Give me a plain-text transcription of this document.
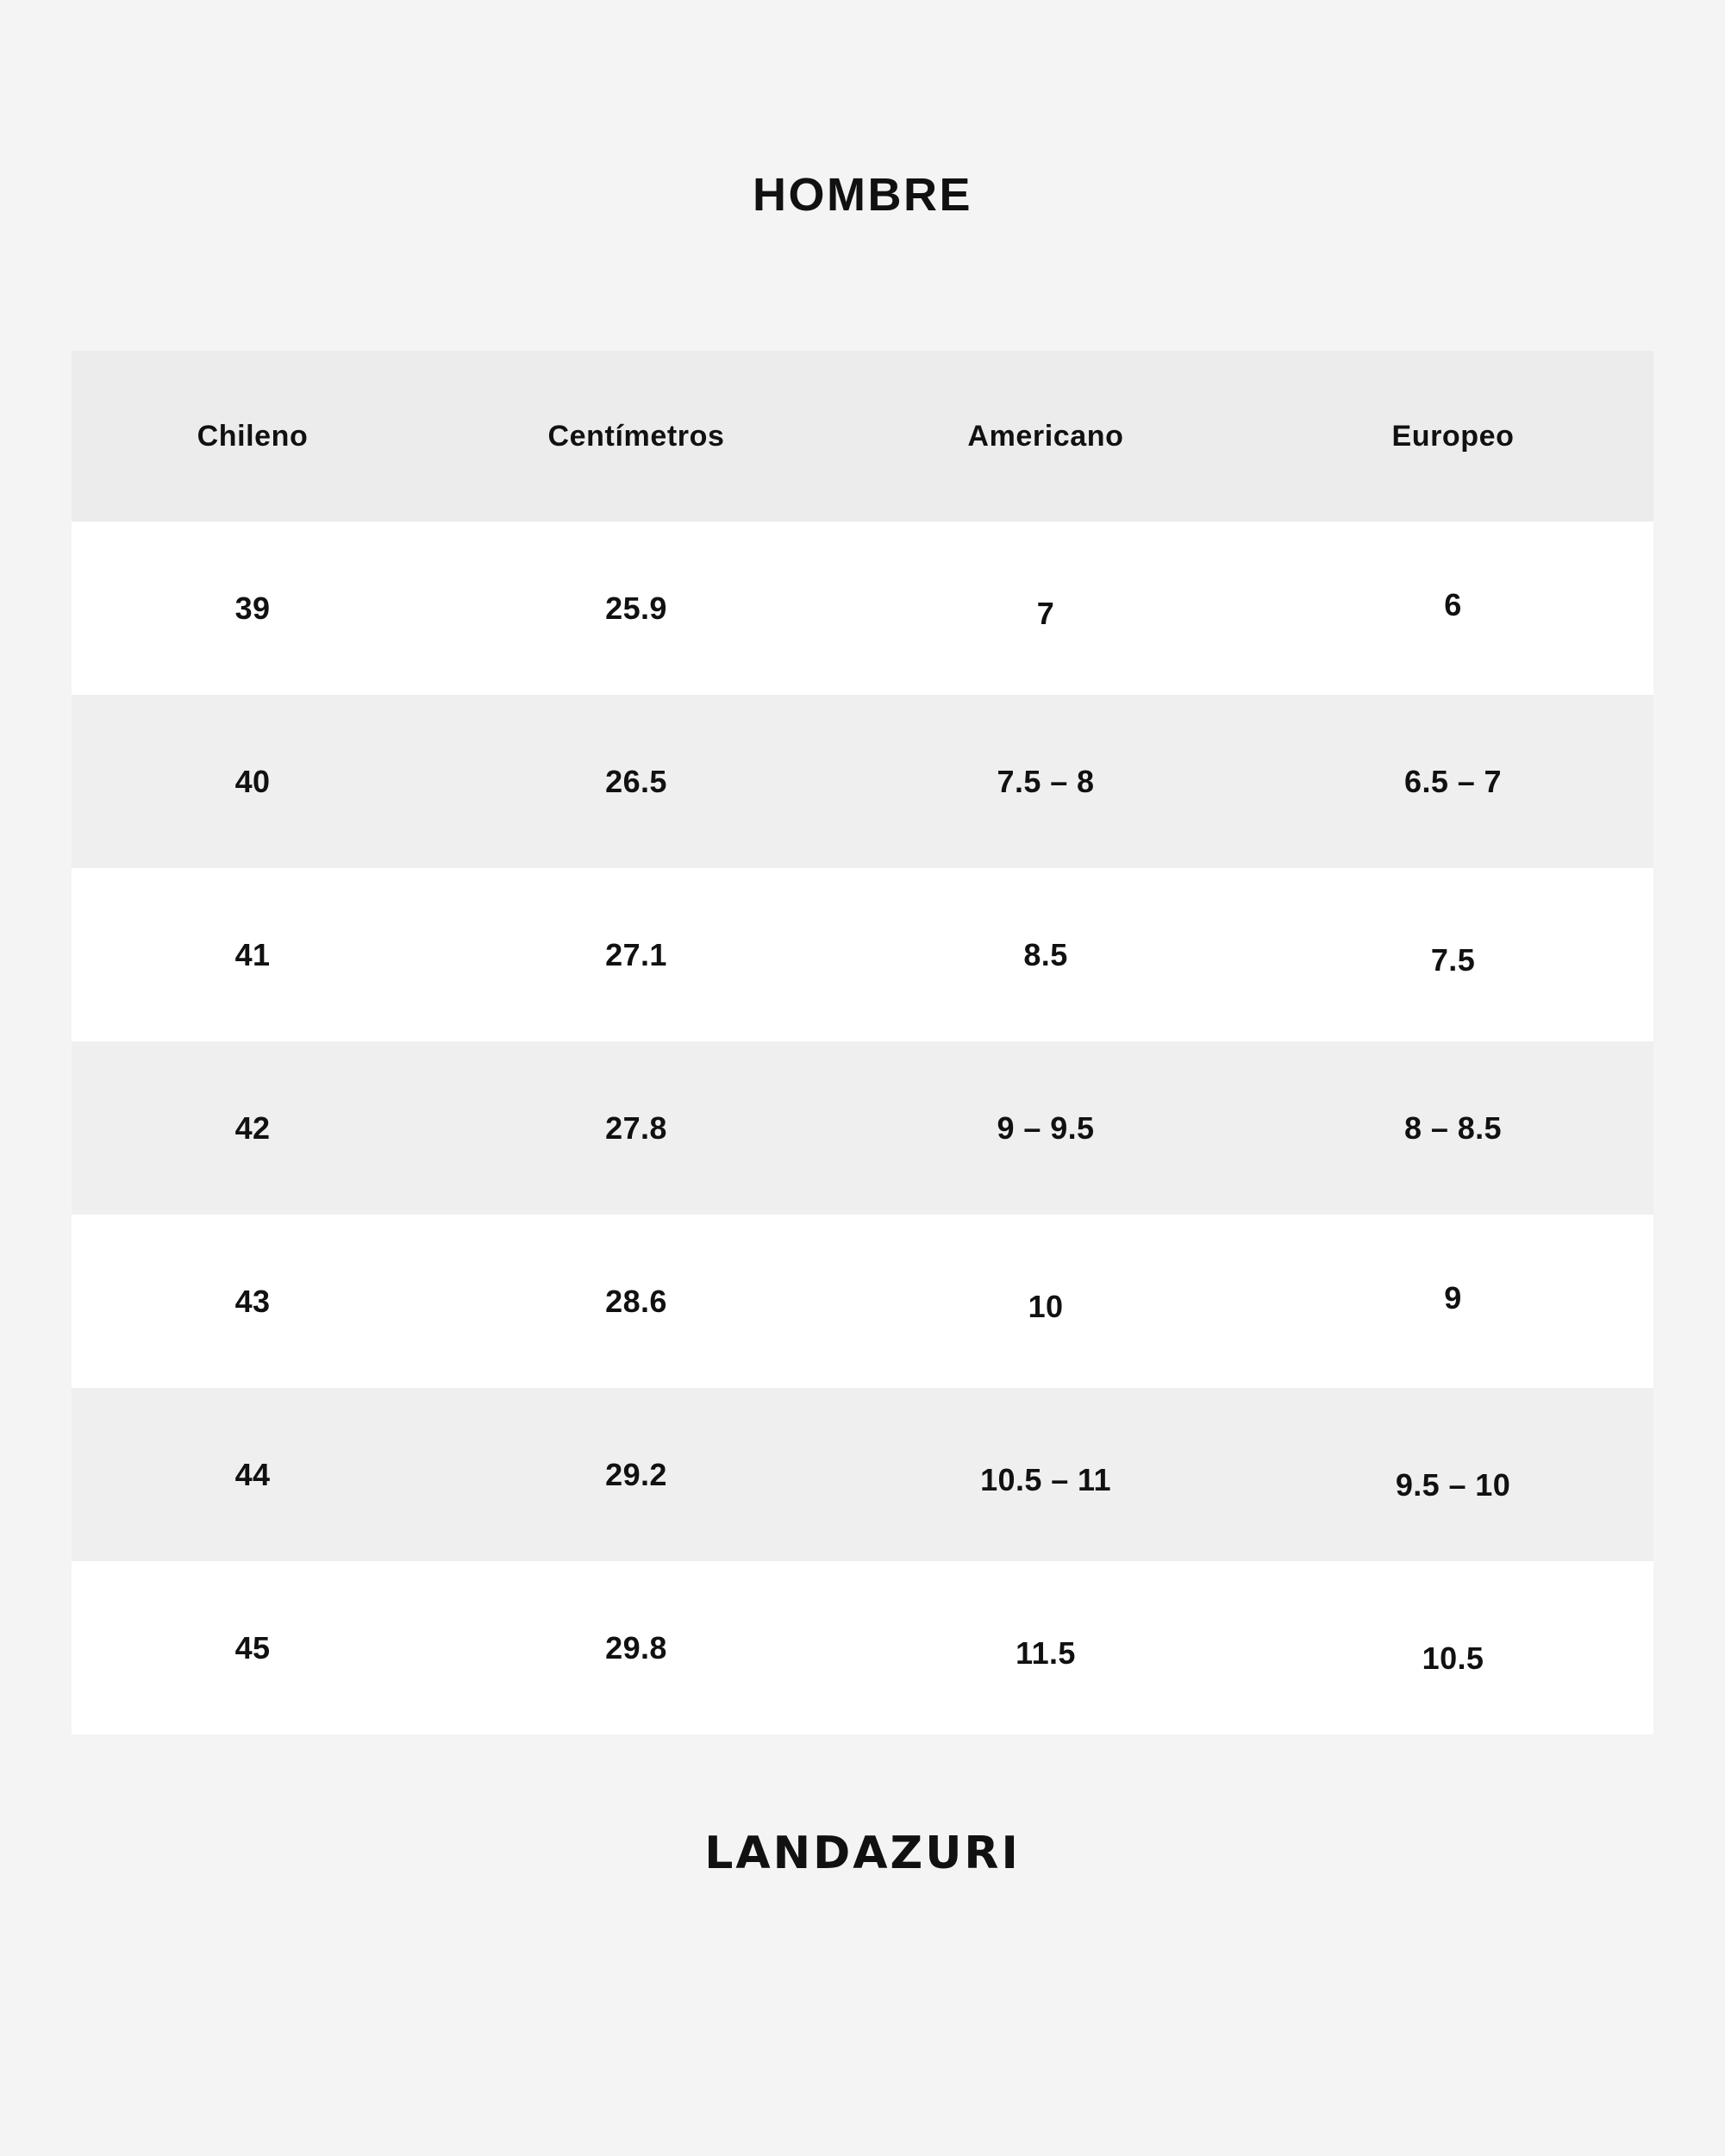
HOMBRE
Chileno	Centímetros	Americano	Europeo
39	25.9	7	6
40	26.5	7.5 – 8	6.5 – 7
41	27.1	8.5	7.5
42	27.8	9 – 9.5	8 – 8.5
43	28.6	10	9
44	29.2	10.5 – 11	9.5 – 10
45	29.8	11.5	10.5
LANDAZURI
